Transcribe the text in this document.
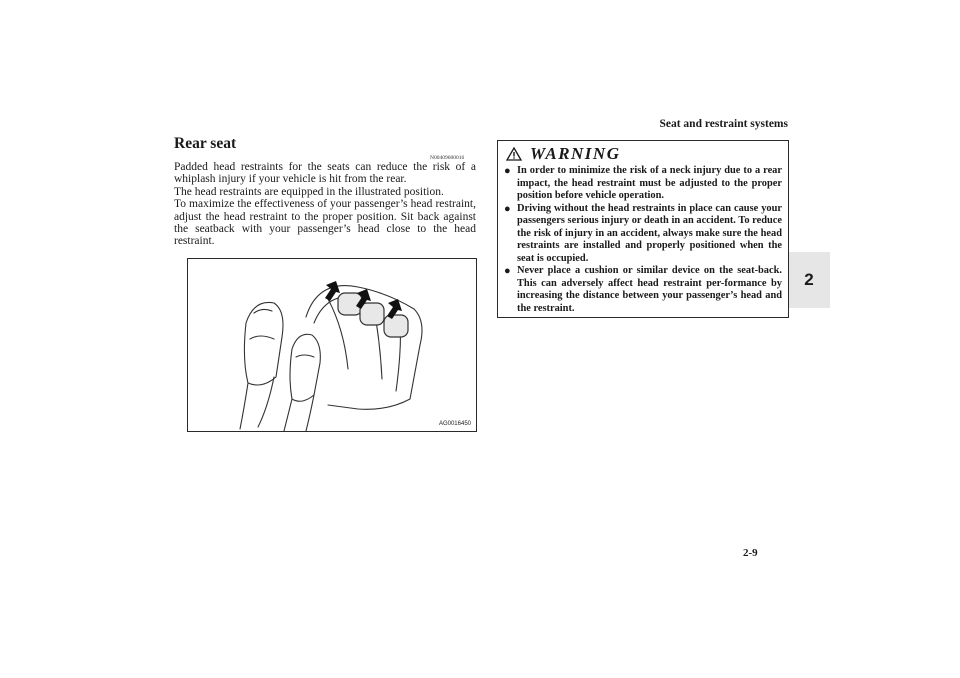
Seat and restraint systems
2
Rear seat
N00409600016

Padded head restraints for the seats can reduce the risk of a whiplash injury if your vehicle is hit from the rear.

The head restraints are equipped in the illustrated position.

To maximize the effectiveness of your passenger’s head restraint, adjust the head restraint to the proper position. Sit back against the seatback with your passenger’s head close to the head restraint.

AG0016450
WARNING
● In order to minimize the risk of a neck injury due to a rear impact, the head restraint must be adjusted to the proper position before vehicle operation.
● Driving without the head restraints in place can cause your passengers serious injury or death in an accident. To reduce the risk of injury in an accident, always make sure the head restraints are installed and properly positioned when the seat is occupied.
● Never place a cushion or similar device on the seat-back. This can adversely affect head restraint per-formance by increasing the distance between your passenger’s head and the restraint.
2-9
